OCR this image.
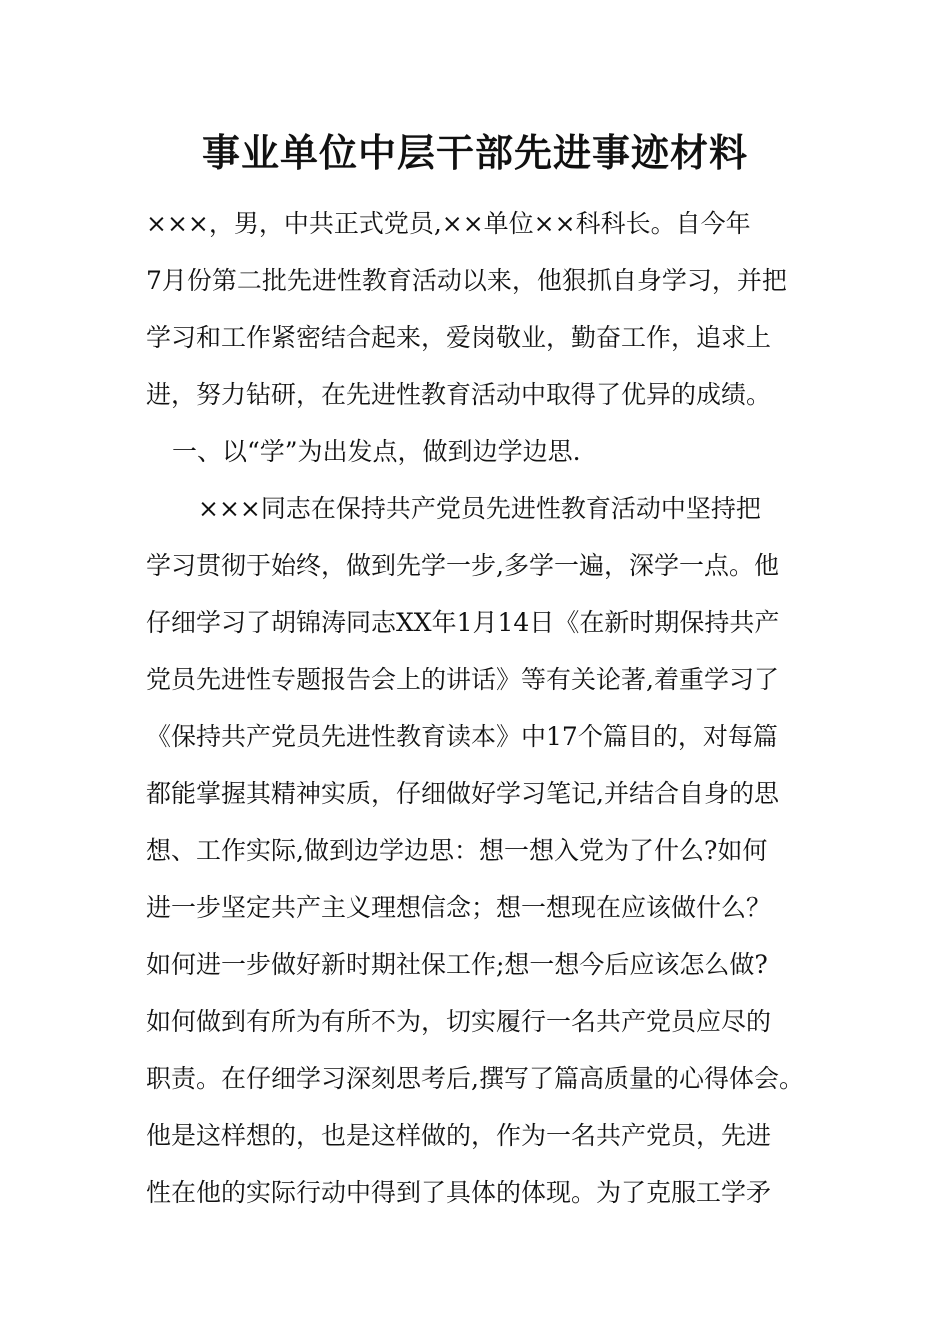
事业单位中层干部先进事迹材料
×××，男，中共正式党员,××单位××科科长。自今年
7月份第二批先进性教育活动以来，他狠抓自身学习，并把
学习和工作紧密结合起来，爱岗敬业，勤奋工作，追求上
进，努力钻研，在先进性教育活动中取得了优异的成绩。
一、以“学”为出发点，做到边学边思.
×××同志在保持共产党员先进性教育活动中坚持把
学习贯彻于始终，做到先学一步,多学一遍，深学一点。他
仔细学习了胡锦涛同志XX年1月14日《在新时期保持共产
党员先进性专题报告会上的讲话》等有关论著,着重学习了
《保持共产党员先进性教育读本》中17个篇目的，对每篇
都能掌握其精神实质，仔细做好学习笔记,并结合自身的思
想、工作实际,做到边学边思：想一想入党为了什么?如何
进一步坚定共产主义理想信念；想一想现在应该做什么？
如何进一步做好新时期社保工作;想一想今后应该怎么做?
如何做到有所为有所不为，切实履行一名共产党员应尽的
职责。在仔细学习深刻思考后,撰写了篇高质量的心得体会。
他是这样想的，也是这样做的，作为一名共产党员，先进
性在他的实际行动中得到了具体的体现。为了克服工学矛
